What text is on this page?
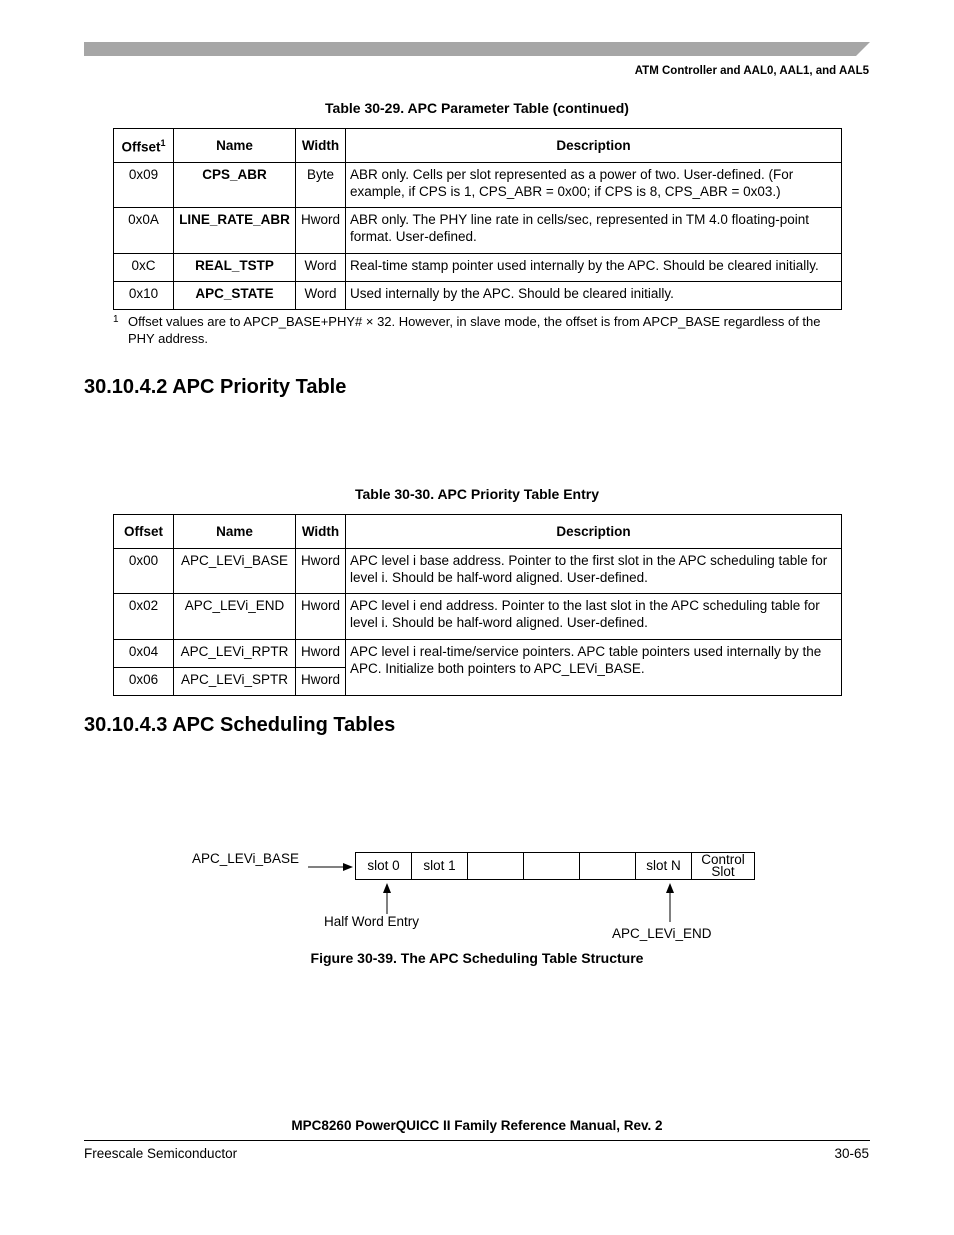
ATM Controller and AAL0, AAL1, and AAL5
Table 30-29. APC Parameter Table (continued)
Offset$^1$	Name	Width	Description
0x09	CPS_ABR	Byte	ABR only. Cells per slot represented as a power of two. User-defined. (For example, if CPS is 1, CPS_ABR = 0x00; if CPS is 8, CPS_ABR = 0x03.)
0x0A	LINE_RATE_ABR	Hword	ABR only. The PHY line rate in cells/sec, represented in TM 4.0 floating-point format. User-defined.
0xC	REAL_TSTP	Word	Real-time stamp pointer used internally by the APC. Should be cleared initially.
0x10	APC_STATE	Word	Used internally by the APC. Should be cleared initially.
1 Offset values are to APCP_BASE+PHY# × 32. However, in slave mode, the offset is from APCP_BASE regardless of the PHY address.
30.10.4.2 APC Priority Table
Table 30-30. APC Priority Table Entry
Offset	Name	Width	Description
0x00	APC_LEVi_BASE	Hword	APC level i base address. Pointer to the first slot in the APC scheduling table for level i. Should be half-word aligned. User-defined.
0x02	APC_LEVi_END	Hword	APC level i end address. Pointer to the last slot in the APC scheduling table for level i. Should be half-word aligned. User-defined.
0x04	APC_LEVi_RPTR	Hword	APC level i real-time/service pointers. APC table pointers used internally by the APC. Initialize both pointers to APC_LEVi_BASE.
0x06	APC_LEVi_SPTR	Hword	
30.10.4.3 APC Scheduling Tables
APC_LEVi_BASE	slot 0	slot 1	slot N	Control
Slot
Half Word Entry
APC_LEVi_END
Figure 30-39. The APC Scheduling Table Structure
MPC8260 PowerQUICC II Family Reference Manual, Rev. 2
Freescale Semiconductor	30-65
